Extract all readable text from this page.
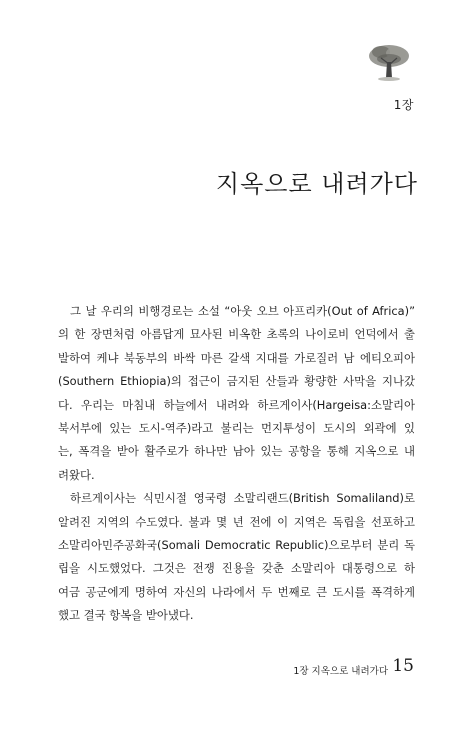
1장
지옥으로 내려가다
그 날 우리의 비행경로는 소설 “아웃 오브 아프리카(Out of Africa)”
의 한 장면처럼 아름답게 묘사된 비옥한 초록의 나이로비 언덕에서 출
발하여 케냐 북동부의 바싹 마른 갈색 지대를 가로질러 남 에티오피아
(Southern Ethiopia)의 접근이 금지된 산들과 황량한 사막을 지나갔
다. 우리는 마침내 하늘에서 내려와 하르게이사(Hargeisa:소말리아
북서부에 있는 도시-역주)라고 불리는 먼지투성이 도시의 외곽에 있
는, 폭격을 받아 활주로가 하나만 남아 있는 공항을 통해 지옥으로 내
려왔다.
하르게이사는 식민시절 영국령 소말리랜드(British Somaliland)로
알려진 지역의 수도였다. 불과 몇 년 전에 이 지역은 독립을 선포하고
소말리아민주공화국(Somali Democratic Republic)으로부터 분리 독
립을 시도했었다. 그것은 전쟁 진용을 갖춘 소말리아 대통령으로 하
여금 공군에게 명하여 자신의 나라에서 두 번째로 큰 도시를 폭격하게
했고 결국 항복을 받아냈다.
1장 지옥으로 내려가다 15
